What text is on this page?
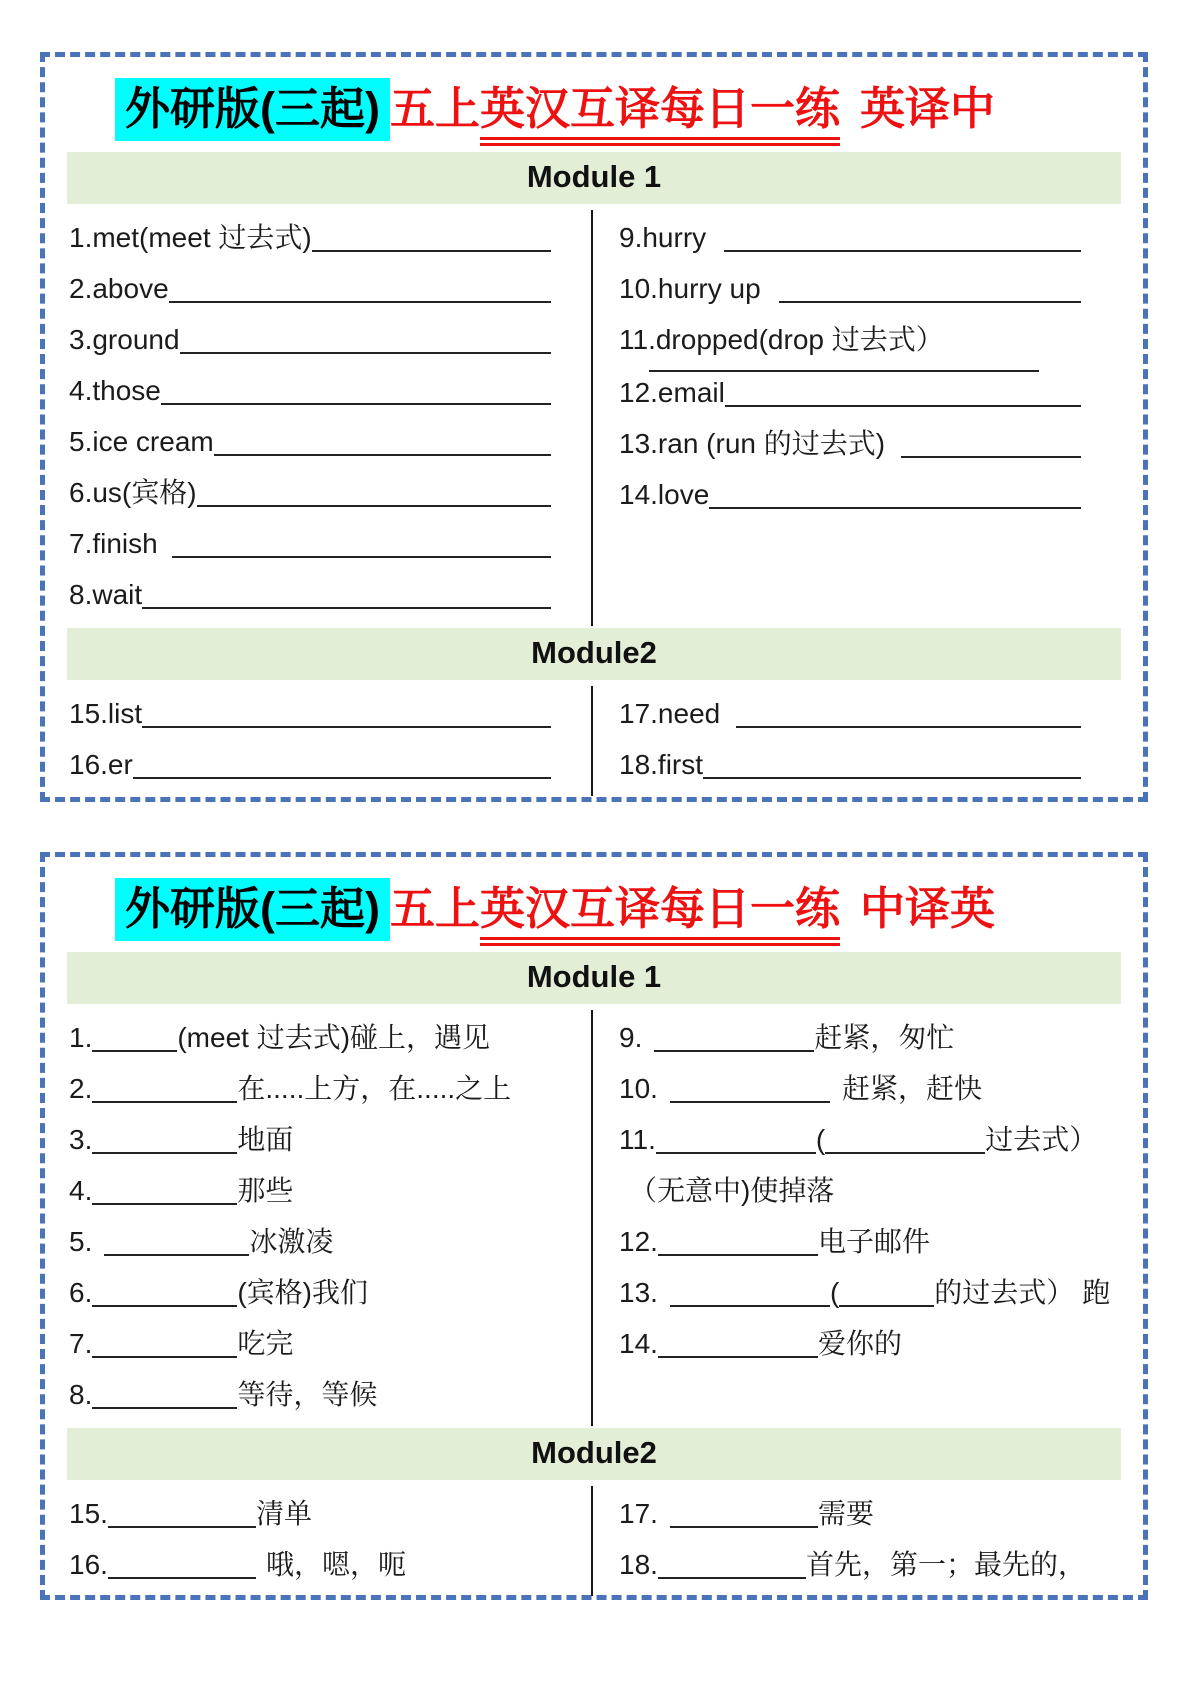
外研版(三起) 五上英汉互译每日一练 英译中
Module 1
1.met(meet 过去式)
2.above
3.ground
4.those
5.ice cream
6.us(宾格)
7.finish
8.wait
9.hurry
10.hurry up
11.dropped(drop 过去式）
12.email
13.ran (run 的过去式)
14.love
Module2
15.list
16.er
17.need
18.first
外研版(三起) 五上英汉互译每日一练 中译英
Module 1
1.	(meet 过去式)碰上，遇见
2.	在.....上方，在.....之上
3.	地面
4.	那些
5.	冰激凌
6.	(宾格)我们
7.	吃完
8.	等待，等候
9.	赶紧，匆忙
10.	赶紧，赶快
11.	(	过去式）
（无意中)使掉落
12.	电子邮件
13.	(	的过去式） 跑
14.	爱你的
Module2
15.	清单
16.	哦，嗯，呃
17.	需要
18.	首先，第一；最先的，
